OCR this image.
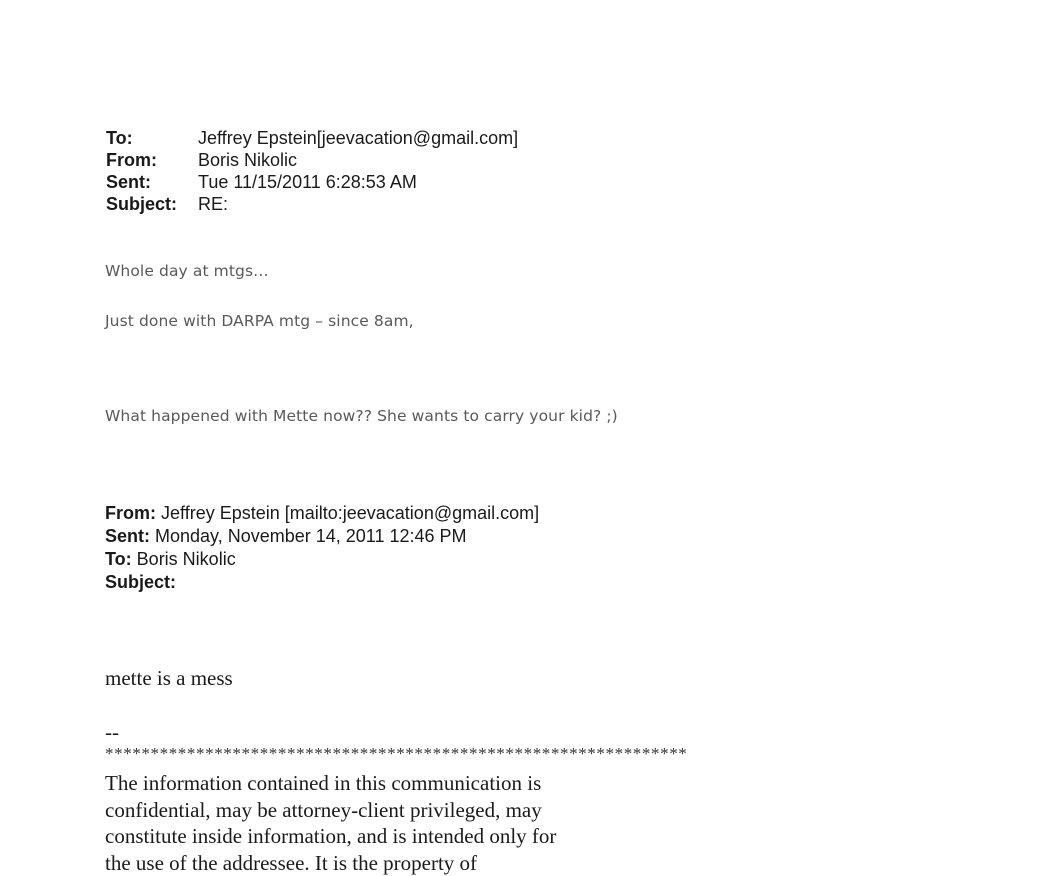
To:	Jeffrey Epstein[jeevacation@gmail.com]
From: Boris Nikolic
Sent:	Tue 11/15/2011 6:28:53 AM
Subject: RE:
Whole day at mtgs…
Just done with DARPA mtg – since 8am,
What happened with Mette now?? She wants to carry your kid? ;)
From: Jeffrey Epstein [mailto:jeevacation@gmail.com]
Sent: Monday, November 14, 2011 12:46 PM
To: Boris Nikolic
Subject:
mette is a mess
--
****************************************************************
The information contained in this communication is
confidential, may be attorney-client privileged, may
constitute inside information, and is intended only for
the use of the addressee. It is the property of
